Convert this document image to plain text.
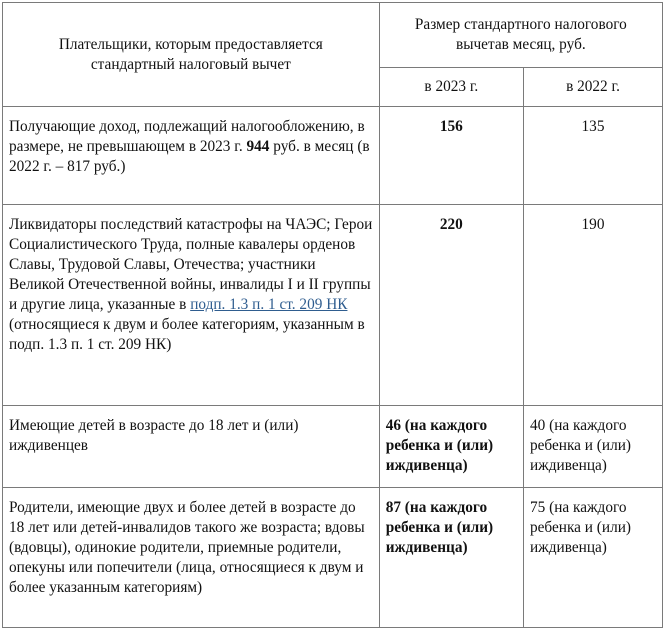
Плательщики, которым предоставляется стандартный налоговый вычет	Размер стандартного налогового вычетав месяц, руб.	
	в 2023 г.	в 2022 г.
Получающие доход, подлежащий налогообложению, в размере, не превышающем в 2023 г. 944 руб. в месяц (в 2022 г. – 817 руб.)	156	135
Ликвидаторы последствий катастрофы на ЧАЭС; Герои Социалистического Труда, полные кавалеры орденов Славы, Трудовой Славы, Отечества; участники Великой Отечественной войны, инвалиды I и II группы и другие лица, указанные в подп. 1.3 п. 1 ст. 209 НК (относящиеся к двум и более категориям, указанным в подп. 1.3 п. 1 ст. 209 НК)	220	190
Имеющие детей в возрасте до 18 лет и (или) иждивенцев	46 (на каждого ребенка и (или) иждивенца)	40 (на каждого ребенка и (или) иждивенца)
Родители, имеющие двух и более детей в возрасте до 18 лет или детей-инвалидов такого же возраста; вдовы (вдовцы), одинокие родители, приемные родители, опекуны или попечители (лица, относящиеся к двум и более указанным категориям)	87 (на каждого ребенка и (или) иждивенца)	75 (на каждого ребенка и (или) иждивенца)
